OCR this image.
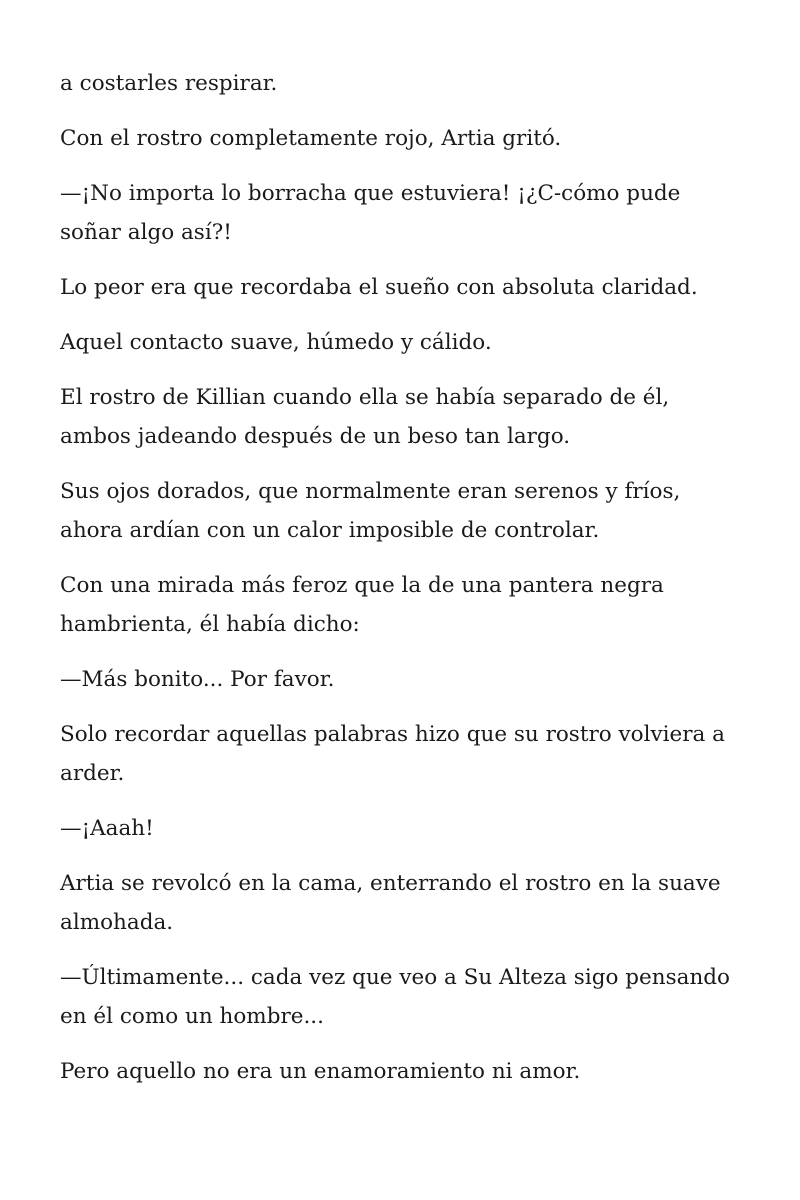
a costarles respirar.

Con el rostro completamente rojo, Artia gritó.

—¡No importa lo borracha que estuviera! ¡¿C-cómo pude soñar algo así?!

Lo peor era que recordaba el sueño con absoluta claridad.

Aquel contacto suave, húmedo y cálido.

El rostro de Killian cuando ella se había separado de él, ambos jadeando después de un beso tan largo.

Sus ojos dorados, que normalmente eran serenos y fríos, ahora ardían con un calor imposible de controlar.

Con una mirada más feroz que la de una pantera negra hambrienta, él había dicho:

—Más bonito... Por favor.

Solo recordar aquellas palabras hizo que su rostro volviera a arder.

—¡Aaah!

Artia se revolcó en la cama, enterrando el rostro en la suave almohada.

—Últimamente... cada vez que veo a Su Alteza sigo pensando en él como un hombre...

Pero aquello no era un enamoramiento ni amor.
